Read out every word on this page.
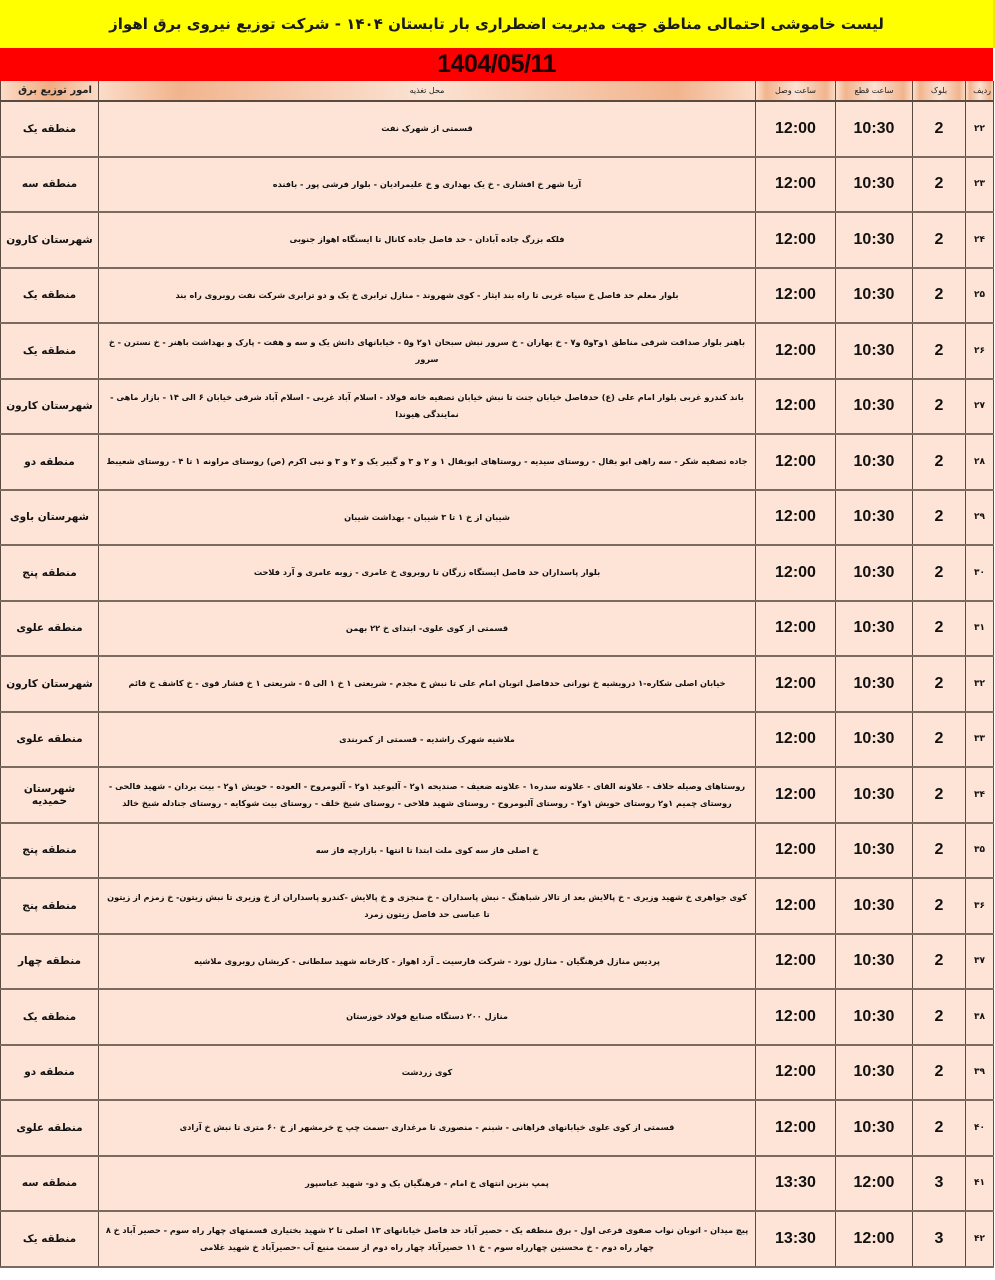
لیست خاموشی احتمالی مناطق جهت مدیریت اضطراری بار تابستان ۱۴۰۴ - شرکت توزیع نیروی برق اهواز
1404/05/11
ردیف	بلوک	ساعت قطع	ساعت وصل	محل تغذیه	امور توزیع برق
۲۲	2	10:30	12:00	قسمتی از شهرک نفت	منطقه یک
۲۳	2	10:30	12:00	آریا شهر خ افشاری - خ یک بهداری و خ علیمرادیان - بلوار فرشی پور - بافنده	منطقه سه
۲۴	2	10:30	12:00	فلکه بزرگ جاده آبادان - حد فاصل جاده کانال تا ایستگاه اهواز جنوبی	شهرستان کارون
۲۵	2	10:30	12:00	بلوار معلم حد فاصل خ سیاه غربی تا راه بند ایثار - کوی شهروند - منازل ترابری خ یک و دو ترابری شرکت نفت روبروی راه بند	منطقه یک
۲۶	2	10:30	12:00	باهنر بلوار صداقت شرقی مناطق ۱و۳و۵ و۷ - خ بهاران - خ سرور نبش سبحان ۱و۲ و۵ - خیابانهای دانش یک و سه و هفت - پارک و بهداشت باهنر - خ نسترن - خ سرور	منطقه یک
۲۷	2	10:30	12:00	باند کندرو غربی بلوار امام علی (ع) حدفاصل خیابان جنت تا نبش خیابان تصفیه خانه فولاد - اسلام آباد غربی - اسلام آباد شرقی خیابان ۶ الی ۱۴ - بازار ماهی - نمایندگی هیوندا	شهرستان کارون
۲۸	2	10:30	12:00	جاده تصفیه شکر - سه راهی ابو بقال - روستای سیدیه - روستاهای ابوبقال ۱ و ۲ و ۳ و گبیر یک و ۲ و ۳ و نبی اکرم (ص) روستای مراونه ۱ تا ۴ - روستای شعیبط	منطقه دو
۲۹	2	10:30	12:00	شیبان از خ ۱ تا ۳ شیبان - بهداشت شیبان	شهرستان باوی
۳۰	2	10:30	12:00	بلوار پاسداران حد فاصل ایستگاه زرگان تا روبروی خ عامری - زوبه عامری و آرد فلاحت	منطقه پنج
۳۱	2	10:30	12:00	قسمتی از کوی علوی- ابتدای خ ۲۲ بهمن	منطقه علوی
۳۲	2	10:30	12:00	خیابان اصلی شکاره-۱ درویشیه خ نورانی حدفاصل اتوبان امام علی تا نبش خ مجدم - شریعتی ۱ خ ۱ الی ۵ - شریعتی ۱ خ فشار قوی - خ کاشف خ قائم	شهرستان کارون
۳۳	2	10:30	12:00	ملاشیه شهرک راشدیه - قسمتی از کمربندی	منطقه علوی
۳۴	2	10:30	12:00	روستاهای وصیله حلاف - علاونه القای - علاونه سدره۱ - علاونه ضعیف - صندیحه ۱و۲ - آلبوعید ۱و۲ - آلبومروح - العوده - حویش ۱و۲ - بیت بردان - شهید فالحی - روستای چمیم ۱و۲ روستای حویش ۱و۲ - روستای آلبومروح - روستای شهید فلاحی - روستای شیخ خلف - روستای بیت شوکایه - روستای جنادله شیخ خالد	شهرستان حمیدیه
۳۵	2	10:30	12:00	خ اصلی فاز سه کوی ملت ابتدا تا انتها - بازارچه فاز سه	منطقه پنج
۳۶	2	10:30	12:00	کوی جواهری خ شهید وزیری - خ پالایش بعد از تالار شباهنگ - نبش پاسداران - خ منجزی و خ پالایش -کندرو پاسداران از خ وزیری تا نبش زیتون- خ زمزم از زیتون تا عباسی حد فاصل زیتون زمرد	منطقه پنج
۳۷	2	10:30	12:00	پردیس منازل فرهنگیان - منازل نورد - شرکت فارسیت ـ آرد اهواز - کارخانه شهید سلطانی - کریشان روبروی ملاشیه	منطقه چهار
۳۸	2	10:30	12:00	منازل ۲۰۰ دستگاه صنایع فولاد خوزستان	منطقه یک
۳۹	2	10:30	12:00	کوی زردشت	منطقه دو
۴۰	2	10:30	12:00	قسمتی از کوی علوی خیابانهای فراهانی - شبنم - منصوری تا مرغداری -سمت چپ ج خرمشهر از خ ۶۰ متری تا نبش خ آزادی	منطقه علوی
۴۱	3	12:00	13:30	پمپ بنزین انتهای خ امام - فرهنگیان یک و دو- شهید عباسپور	منطقه سه
۴۲	3	12:00	13:30	پیچ میدان - اتوبان نواب صفوی فرعی اول - برق منطقه یک - حصیر آباد حد فاصل خیابانهای ۱۳ اصلی تا ۲ شهید بختیاری قسمتهای چهار راه سوم - حصیر آباد خ ۸ چهار راه دوم - خ محسنین چهارراه سوم - خ ۱۱ حصیرآباد چهار راه دوم از سمت منبع آب -حصیرآباد خ شهید غلامی	منطقه یک
